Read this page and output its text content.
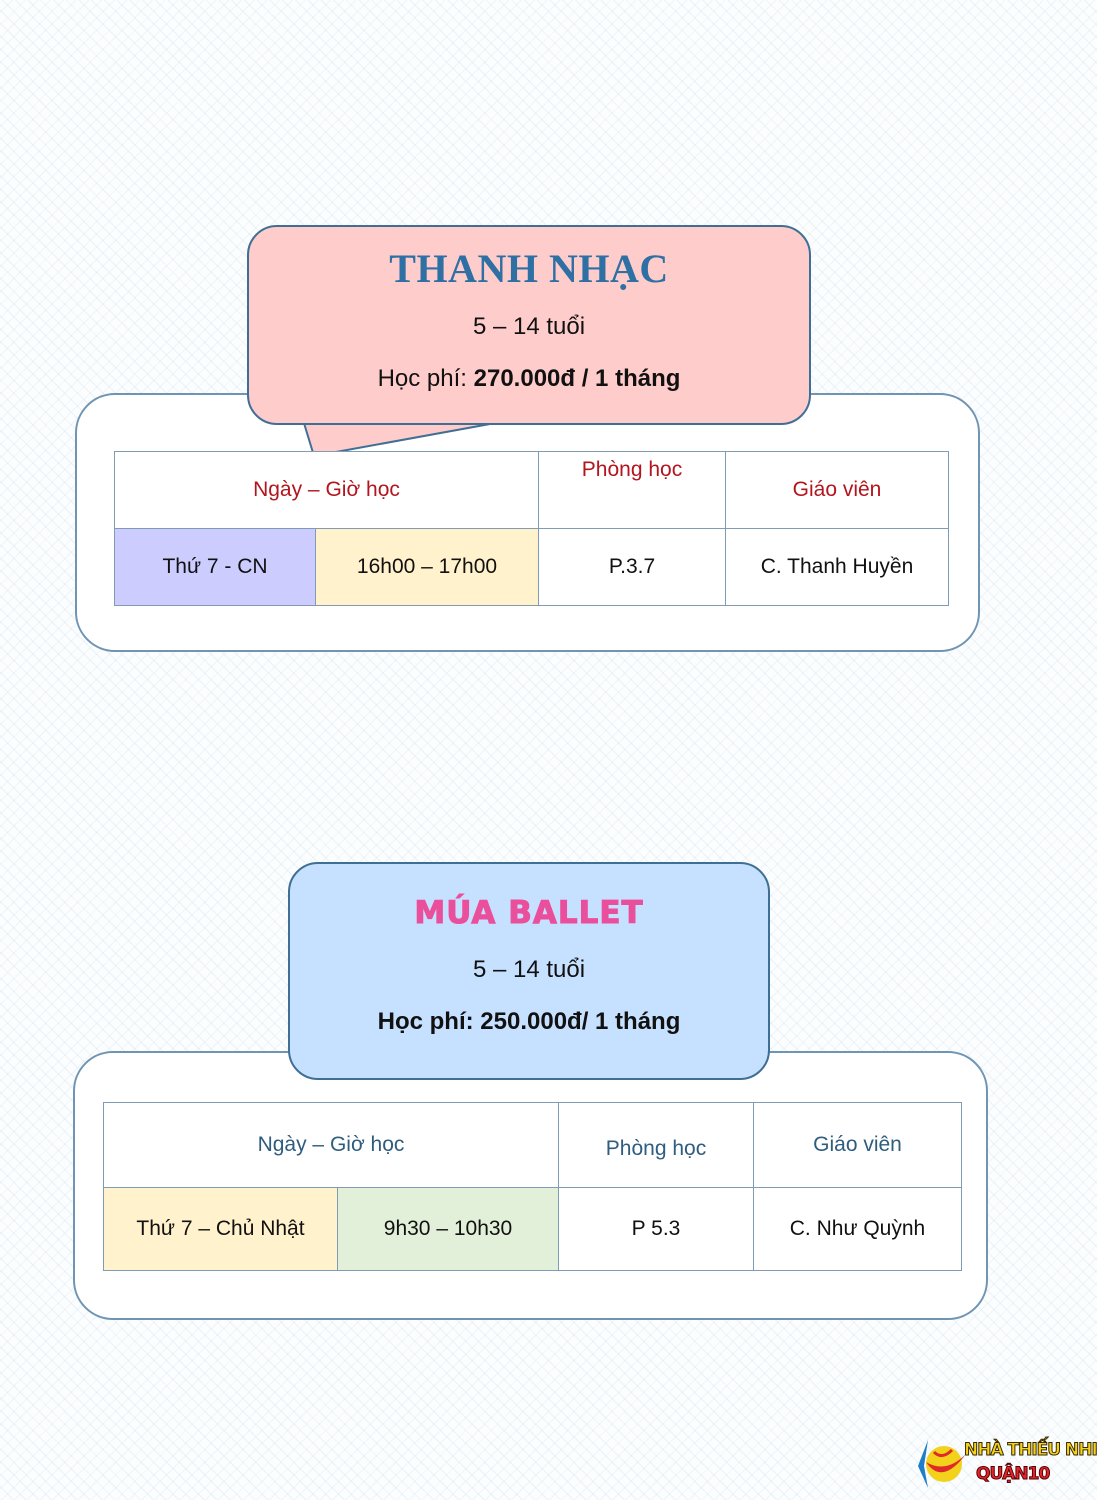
THANH NHẠC
5 – 14 tuổi
Học phí: 270.000đ / 1 tháng
Ngày – Giờ học		Phòng học	Giáo viên
Thứ 7 - CN	16h00 – 17h00	P.3.7	C. Thanh Huyền
MÚA BALLET
5 – 14 tuổi
Học phí: 250.000đ/ 1 tháng
Ngày – Giờ học		Phòng học	Giáo viên
Thứ 7 – Chủ Nhật	9h30 – 10h30	P 5.3	C. Như Quỳnh
NHÀ THIẾU NHI
QUẬN10
